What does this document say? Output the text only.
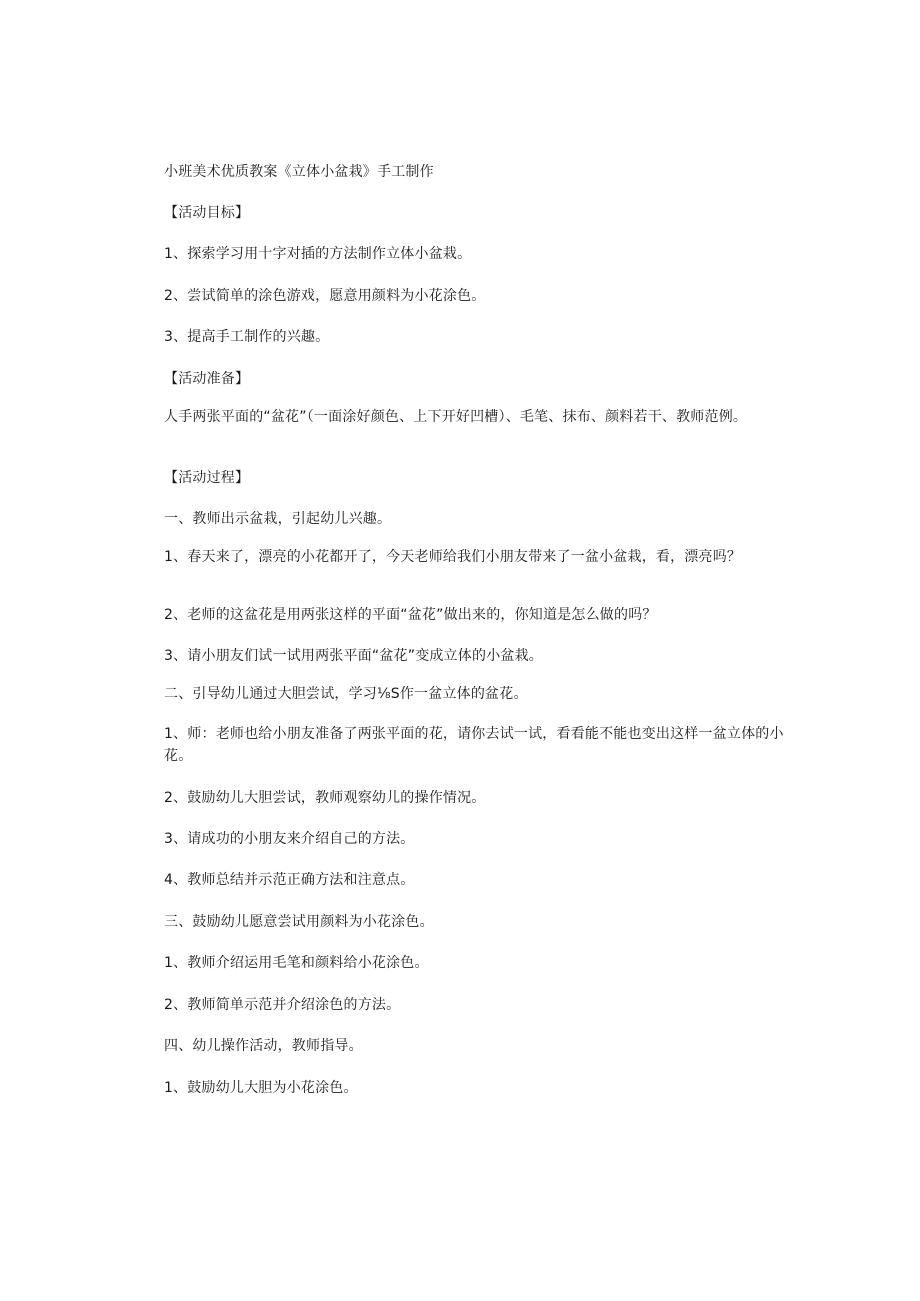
小班美术优质教案《立体小盆栽》手工制作
【活动目标】
1、探索学习用十字对插的方法制作立体小盆栽。
2、尝试简单的涂色游戏，愿意用颜料为小花涂色。
3、提高手工制作的兴趣。
【活动准备】
人手两张平面的“盆花”（一面涂好颜色、上下开好凹槽）、毛笔、抹布、颜料若干、教师范例。
【活动过程】
一、教师出示盆栽，引起幼儿兴趣。
1、春天来了，漂亮的小花都开了，今天老师给我们小朋友带来了一盆小盆栽，看，漂亮吗？
2、老师的这盆花是用两张这样的平面“盆花”做出来的，你知道是怎么做的吗？
3、请小朋友们试一试用两张平面“盆花”变成立体的小盆栽。
二、引导幼儿通过大胆尝试，学习⅛S作一盆立体的盆花。
1、师：老师也给小朋友准备了两张平面的花，请你去试一试，看看能不能也变出这样一盆立体的小花。
2、鼓励幼儿大胆尝试，教师观察幼儿的操作情况。
3、请成功的小朋友来介绍自己的方法。
4、教师总结并示范正确方法和注意点。
三、鼓励幼儿愿意尝试用颜料为小花涂色。
1、教师介绍运用毛笔和颜料给小花涂色。
2、教师简单示范并介绍涂色的方法。
四、幼儿操作活动，教师指导。
1、鼓励幼儿大胆为小花涂色。
